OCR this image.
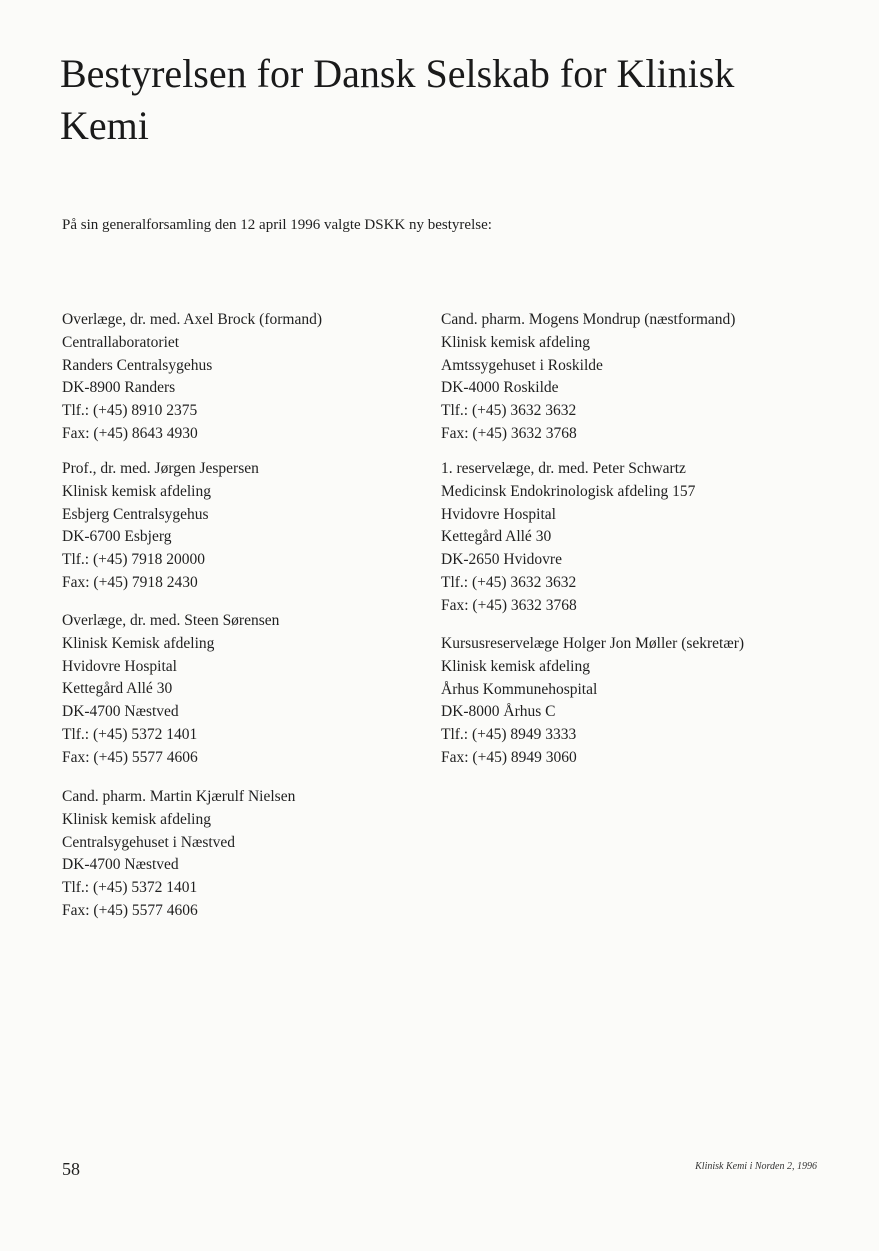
Bestyrelsen for Dansk Selskab for Klinisk Kemi
På sin generalforsamling den 12 april 1996 valgte DSKK ny bestyrelse:
Overlæge, dr. med. Axel Brock (formand)
Centrallaboratoriet
Randers Centralsygehus
DK-8900 Randers
Tlf.: (+45) 8910 2375
Fax: (+45) 8643 4930
Prof., dr. med. Jørgen Jespersen
Klinisk kemisk afdeling
Esbjerg Centralsygehus
DK-6700 Esbjerg
Tlf.: (+45) 7918 20000
Fax: (+45) 7918 2430
Overlæge, dr. med. Steen Sørensen
Klinisk Kemisk afdeling
Hvidovre Hospital
Kettegård Allé 30
DK-4700 Næstved
Tlf.: (+45) 5372 1401
Fax: (+45) 5577 4606
Cand. pharm. Martin Kjærulf Nielsen
Klinisk kemisk afdeling
Centralsygehuset i Næstved
DK-4700 Næstved
Tlf.: (+45) 5372 1401
Fax: (+45) 5577 4606
Cand. pharm. Mogens Mondrup (næstformand)
Klinisk kemisk afdeling
Amtssygehuset i Roskilde
DK-4000 Roskilde
Tlf.: (+45) 3632 3632
Fax: (+45) 3632 3768
1. reservelæge, dr. med. Peter Schwartz
Medicinsk Endokrinologisk afdeling 157
Hvidovre Hospital
Kettegård Allé 30
DK-2650 Hvidovre
Tlf.: (+45) 3632 3632
Fax: (+45) 3632 3768
Kursusreservelæge Holger Jon Møller (sekretær)
Klinisk kemisk afdeling
Århus Kommunehospital
DK-8000 Århus C
Tlf.: (+45) 8949 3333
Fax: (+45) 8949 3060
58	Klinisk Kemi i Norden 2, 1996
